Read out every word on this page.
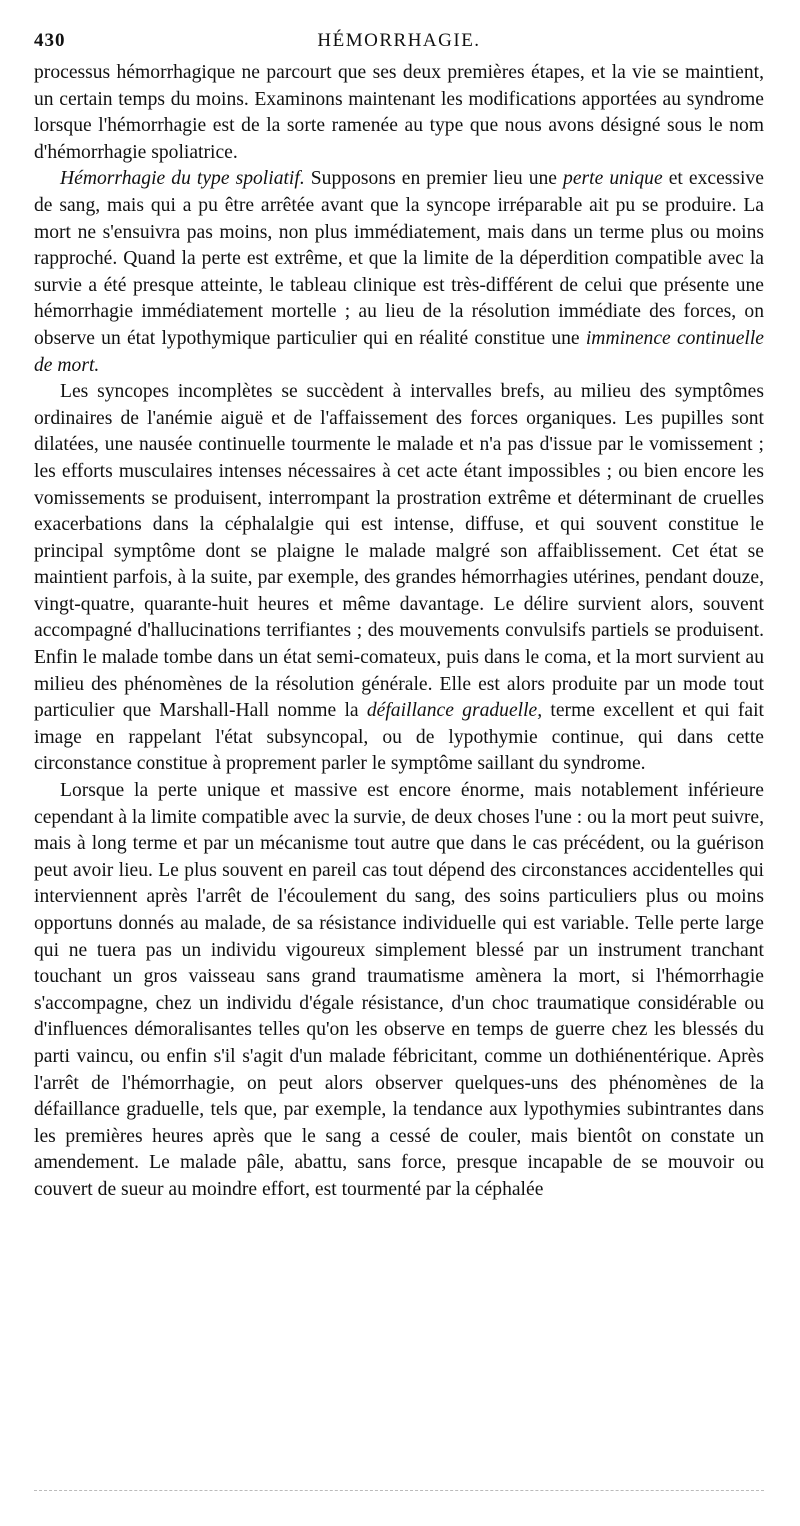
430	HÉMORRHAGIE.

processus hémorrhagique ne parcourt que ses deux premières étapes, et la vie se maintient, un certain temps du moins. Examinons maintenant les modifications apportées au syndrome lorsque l'hémorrhagie est de la sorte ramenée au type que nous avons désigné sous le nom d'hémorrhagie spoliatrice.

Hémorrhagie du type spoliatif. Supposons en premier lieu une perte unique et excessive de sang, mais qui a pu être arrêtée avant que la syncope irréparable ait pu se produire. La mort ne s'ensuivra pas moins, non plus immédiatement, mais dans un terme plus ou moins rapproché. Quand la perte est extrême, et que la limite de la déperdition compatible avec la survie a été presque atteinte, le tableau clinique est très-différent de celui que présente une hémorrhagie immédiatement mortelle ; au lieu de la résolution immédiate des forces, on observe un état lypothymique particulier qui en réalité constitue une imminence continuelle de mort.

Les syncopes incomplètes se succèdent à intervalles brefs, au milieu des symptômes ordinaires de l'anémie aiguë et de l'affaissement des forces organiques. Les pupilles sont dilatées, une nausée continuelle tourmente le malade et n'a pas d'issue par le vomissement ; les efforts musculaires intenses nécessaires à cet acte étant impossibles ; ou bien encore les vomissements se produisent, interrompant la prostration extrême et déterminant de cruelles exacerbations dans la céphalalgie qui est intense, diffuse, et qui souvent constitue le principal symptôme dont se plaigne le malade malgré son affaiblissement. Cet état se maintient parfois, à la suite, par exemple, des grandes hémorrhagies utérines, pendant douze, vingt-quatre, quarante-huit heures et même davantage. Le délire survient alors, souvent accompagné d'hallucinations terrifiantes ; des mouvements convulsifs partiels se produisent. Enfin le malade tombe dans un état semi-comateux, puis dans le coma, et la mort survient au milieu des phénomènes de la résolution générale. Elle est alors produite par un mode tout particulier que Marshall-Hall nomme la défaillance graduelle, terme excellent et qui fait image en rappelant l'état subsyncopal, ou de lypothymie continue, qui dans cette circonstance constitue à proprement parler le symptôme saillant du syndrome.

Lorsque la perte unique et massive est encore énorme, mais notablement inférieure cependant à la limite compatible avec la survie, de deux choses l'une : ou la mort peut suivre, mais à long terme et par un mécanisme tout autre que dans le cas précédent, ou la guérison peut avoir lieu. Le plus souvent en pareil cas tout dépend des circonstances accidentelles qui interviennent après l'arrêt de l'écoulement du sang, des soins particuliers plus ou moins opportuns donnés au malade, de sa résistance individuelle qui est variable. Telle perte large qui ne tuera pas un individu vigoureux simplement blessé par un instrument tranchant touchant un gros vaisseau sans grand traumatisme amènera la mort, si l'hémorrhagie s'accompagne, chez un individu d'égale résistance, d'un choc traumatique considérable ou d'influences démoralisantes telles qu'on les observe en temps de guerre chez les blessés du parti vaincu, ou enfin s'il s'agit d'un malade fébricitant, comme un dothiénentérique. Après l'arrêt de l'hémorrhagie, on peut alors observer quelques-uns des phénomènes de la défaillance graduelle, tels que, par exemple, la tendance aux lypothymies subintrantes dans les premières heures après que le sang a cessé de couler, mais bientôt on constate un amendement. Le malade pâle, abattu, sans force, presque incapable de se mouvoir ou couvert de sueur au moindre effort, est tourmenté par la céphalée
